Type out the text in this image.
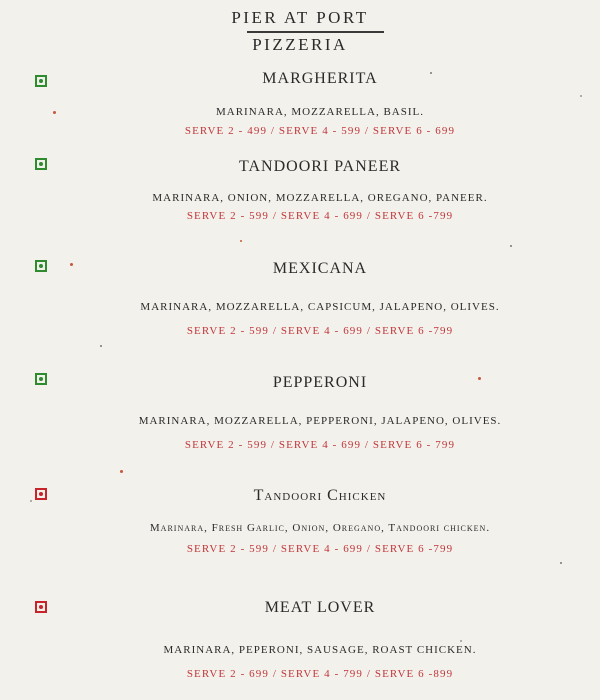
PIER AT PORT
PIZZERIA
MARGHERITA
MARINARA, MOZZARELLA, BASIL.
SERVE 2 - 499 / SERVE 4 - 599 / SERVE 6 - 699
TANDOORI PANEER
MARINARA, ONION, MOZZARELLA, OREGANO, PANEER.
SERVE 2 - 599 / SERVE 4 - 699 / SERVE 6 -799
MEXICANA
MARINARA, MOZZARELLA, CAPSICUM, JALAPENO, OLIVES.
SERVE 2 - 599 / SERVE 4 - 699 / SERVE 6 -799
PEPPERONI
MARINARA, MOZZARELLA, PEPPERONI, JALAPENO, OLIVES.
SERVE 2 - 599 / SERVE 4 - 699 / SERVE 6 - 799
Tandoori Chicken
Marinara, Fresh Garlic, Onion, Oregano, Tandoori chicken.
SERVE 2 - 599 / SERVE 4 - 699 / SERVE 6 -799
MEAT LOVER
MARINARA, PEPERONI, SAUSAGE, ROAST CHICKEN.
SERVE 2 - 699 / SERVE 4 - 799 / SERVE 6 -899
